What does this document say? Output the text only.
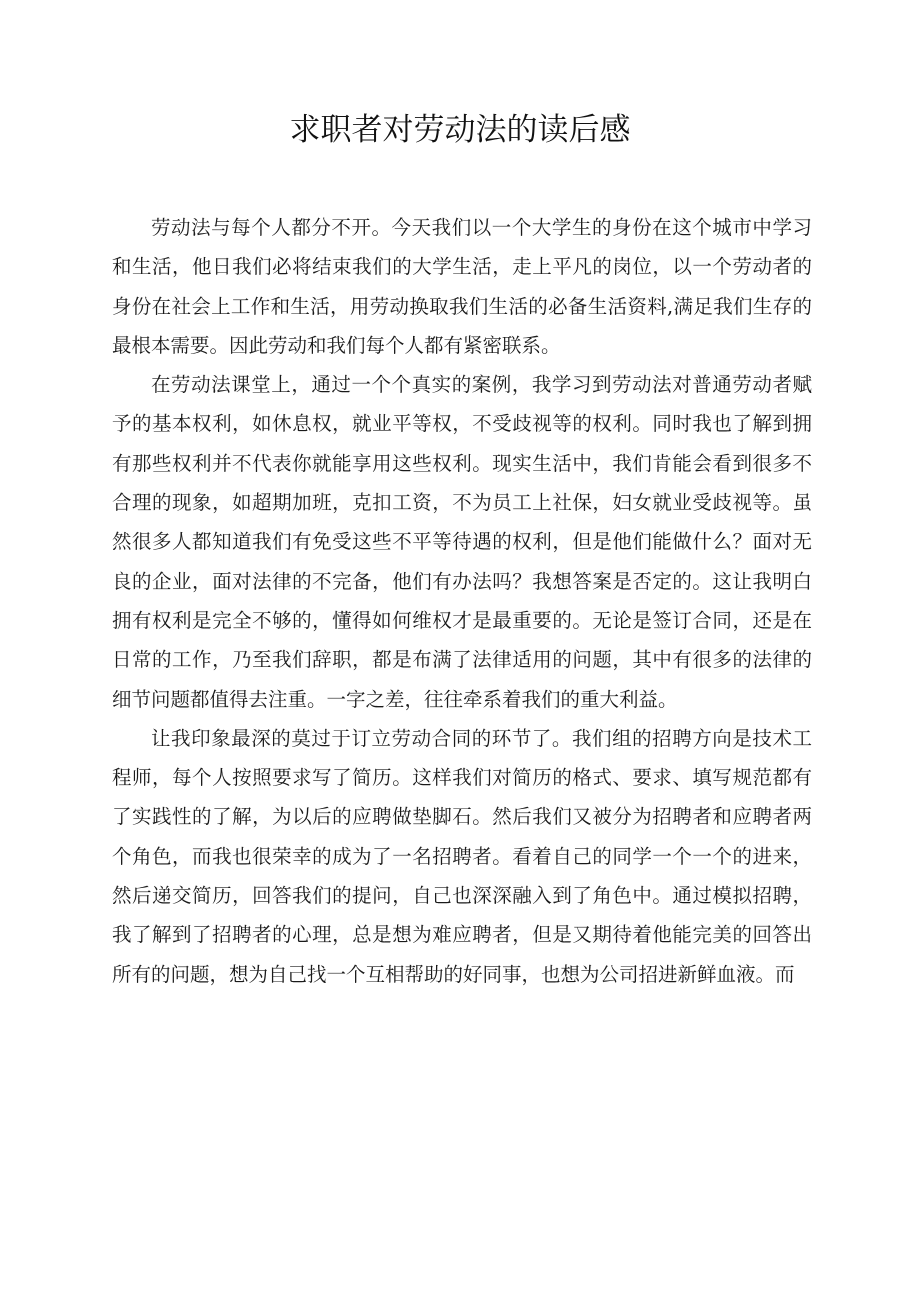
求职者对劳动法的读后感

劳动法与每个人都分不开。今天我们以一个大学生的身份在这个城市中学习和生活，他日我们必将结束我们的大学生活，走上平凡的岗位，以一个劳动者的身份在社会上工作和生活，用劳动换取我们生活的必备生活资料,满足我们生存的最根本需要。因此劳动和我们每个人都有紧密联系。

在劳动法课堂上，通过一个个真实的案例，我学习到劳动法对普通劳动者赋予的基本权利，如休息权，就业平等权，不受歧视等的权利。同时我也了解到拥有那些权利并不代表你就能享用这些权利。现实生活中，我们肯能会看到很多不合理的现象，如超期加班，克扣工资，不为员工上社保，妇女就业受歧视等。虽然很多人都知道我们有免受这些不平等待遇的权利，但是他们能做什么？面对无良的企业，面对法律的不完备，他们有办法吗？我想答案是否定的。这让我明白拥有权利是完全不够的，懂得如何维权才是最重要的。无论是签订合同，还是在日常的工作，乃至我们辞职，都是布满了法律适用的问题，其中有很多的法律的细节问题都值得去注重。一字之差，往往牵系着我们的重大利益。

让我印象最深的莫过于订立劳动合同的环节了。我们组的招聘方向是技术工程师，每个人按照要求写了简历。这样我们对简历的格式、要求、填写规范都有了实践性的了解，为以后的应聘做垫脚石。然后我们又被分为招聘者和应聘者两个角色，而我也很荣幸的成为了一名招聘者。看着自己的同学一个一个的进来，然后递交简历，回答我们的提问，自己也深深融入到了角色中。通过模拟招聘，我了解到了招聘者的心理，总是想为难应聘者，但是又期待着他能完美的回答出所有的问题，想为自己找一个互相帮助的好同事，也想为公司招进新鲜血液。而
